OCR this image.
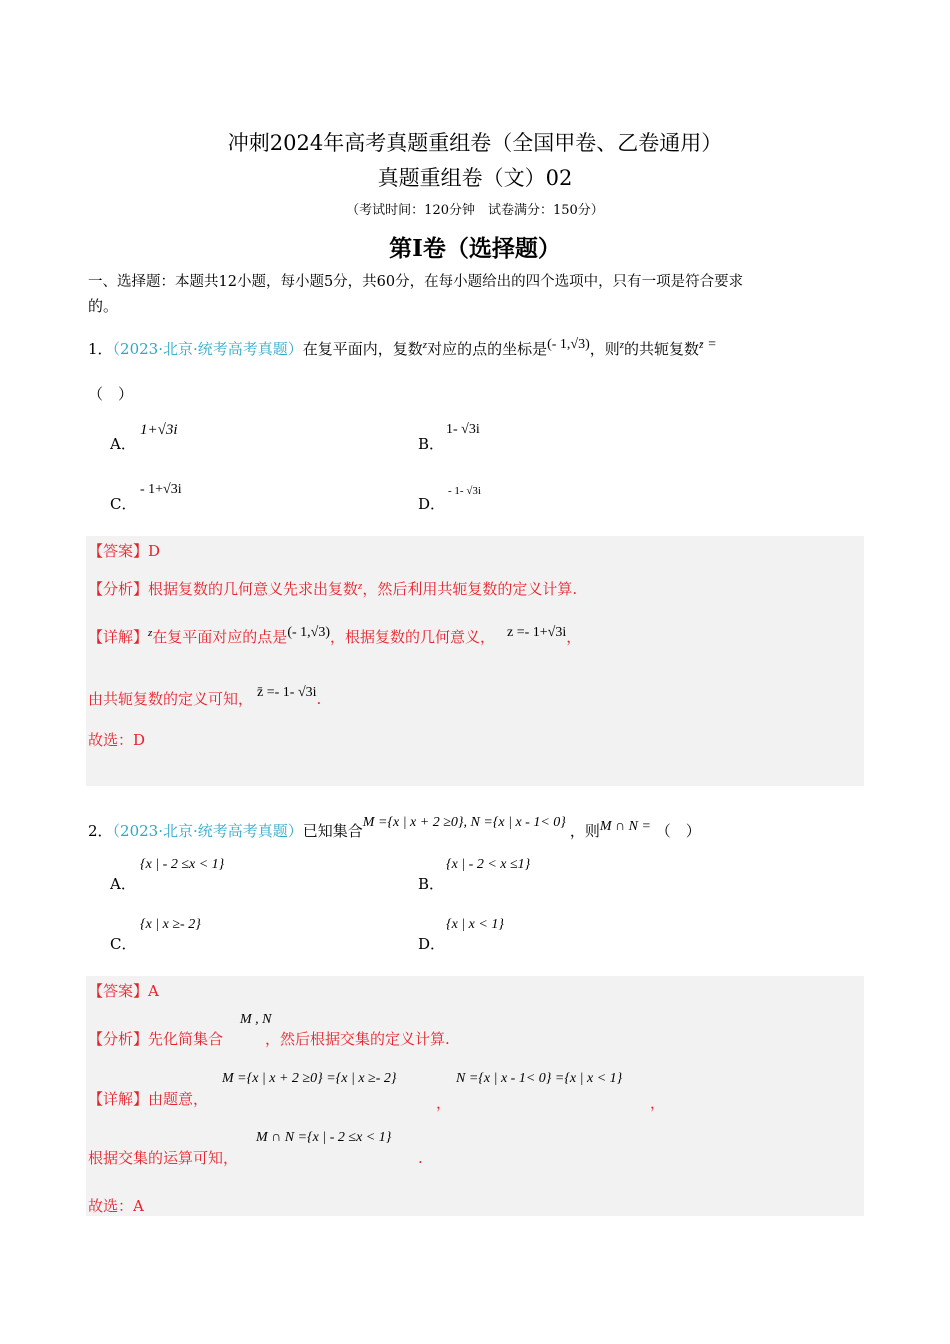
冲刺2024年高考真题重组卷（全国甲卷、乙卷通用）
真题重组卷（文）02
（考试时间：120分钟　试卷满分：150分）
第I卷（选择题）
一、选择题：本题共12小题，每小题5分，共60分，在每小题给出的四个选项中，只有一项是符合要求
的。
1．（2023·北京·统考高考真题）在复平面内，复数$^z$对应的点的坐标是(- 1,√3)，则$^z$的共轭复数$^{z̄}$ =
（　）
A．
1+√3i
B．
1- √3i
C．
- 1+√3i
D．
- 1- √3i
【答案】D
【分析】根据复数的几何意义先求出复数$^z$，然后利用共轭复数的定义计算.
【详解】$^z$在复平面对应的点是(- 1,√3)，根据复数的几何意义， z =- 1+√3i，
由共轭复数的定义可知， z̄ =- 1- √3i.
故选：D
2．（2023·北京·统考高考真题）已知集合M ={x | x + 2 ≥0}, N ={x | x - 1< 0} ，则M ∩ N = （　）
A．
{x | - 2 ≤x < 1}
B．
{x | - 2 < x ≤1}
C．
{x | x ≥- 2}
D．
{x | x < 1}
【答案】A
M , N
【分析】先化简集合	，然后根据交集的定义计算.
M ={x | x + 2 ≥0} ={x | x ≥- 2}	N ={x | x - 1< 0} ={x | x < 1}
【详解】由题意，	，	，
M ∩ N ={x | - 2 ≤x < 1}
根据交集的运算可知，	.
故选：A
